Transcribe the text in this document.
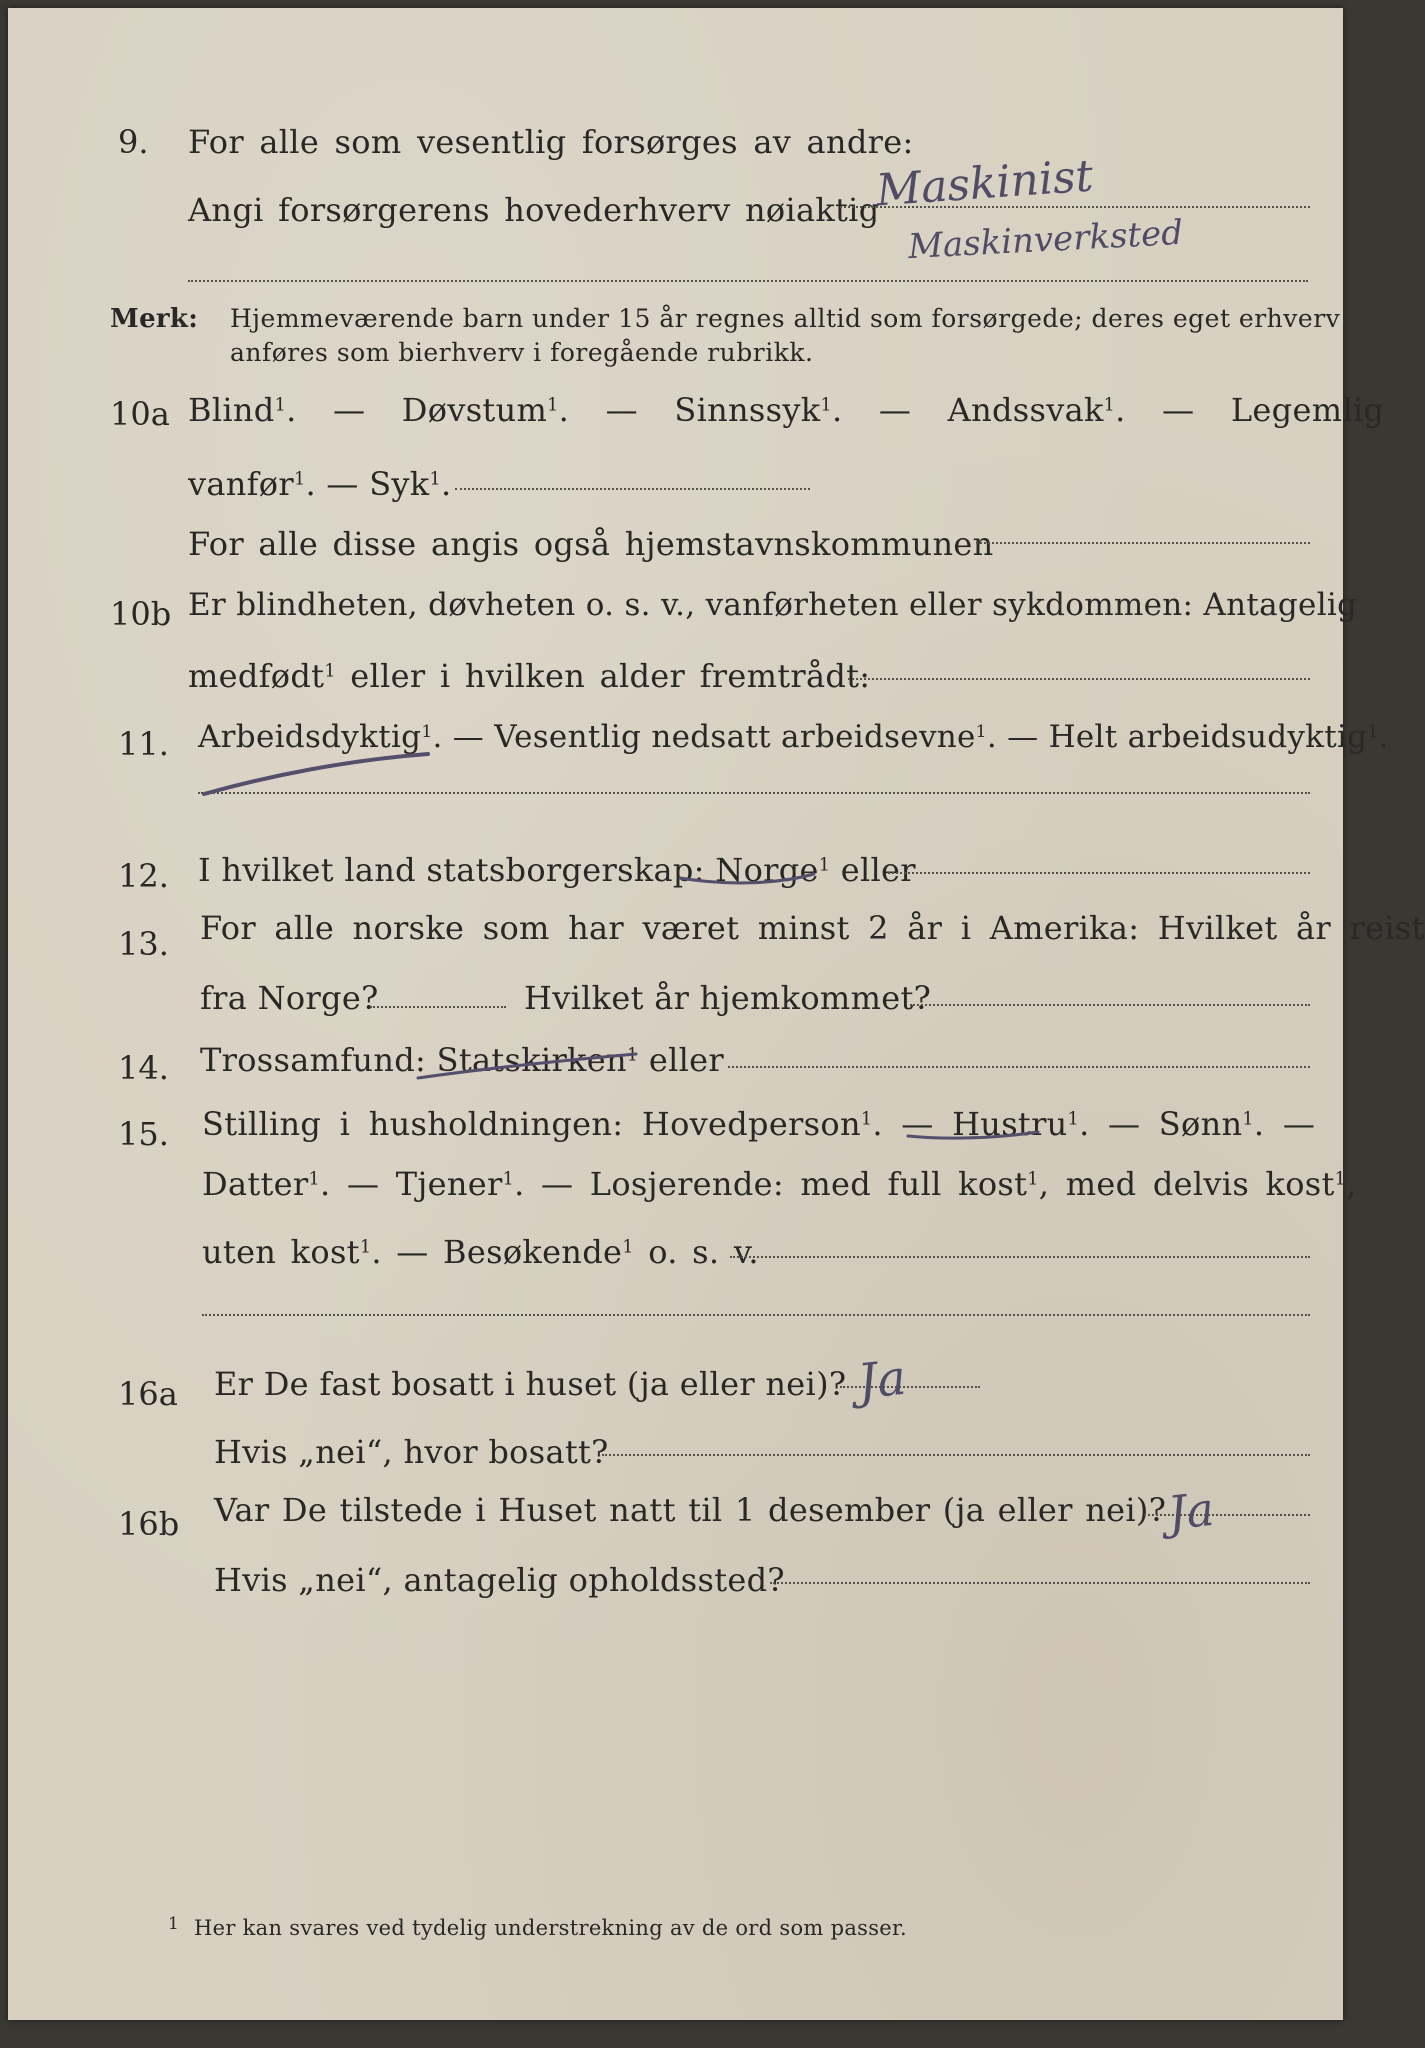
9. For alle som vesentlig forsørges av andre:
Angi forsørgerens hovederhverv nøiaktig
Maskinist
Maskinverksted
Merk: Hjemmeværende barn under 15 år regnes alltid som forsørgede; deres eget erhverv
anføres som bierhverv i foregående rubrikk.
10a Blind$^1$. — Døvstum$^1$. — Sinnssyk$^1$. — Andssvak$^1$. — Legemlig
vanfør$^1$. — Syk$^1$.
For alle disse angis også hjemstavnskommunen
10b Er blindheten, døvheten o. s. v., vanførheten eller sykdommen: Antagelig
medfødt$^1$ eller i hvilken alder fremtrådt:
11. Arbeidsdyktig$^1$. — Vesentlig nedsatt arbeidsevne$^1$. — Helt arbeidsudyktig$^1$.
12. I hvilket land statsborgerskap: Norge$^1$ eller
13. For alle norske som har været minst 2 år i Amerika: Hvilket år reist
fra Norge?	Hvilket år hjemkommet?
14. Trossamfund: Statskirken$^1$ eller
15. Stilling i husholdningen: Hovedperson$^1$. — Hustru$^1$. — Sønn$^1$. —
Datter$^1$. — Tjener$^1$. — Losjerende: med full kost$^1$, med delvis kost$^1$,
uten kost$^1$. — Besøkende$^1$ o. s. v.
16a Er De fast bosatt i huset (ja eller nei)? Ja
Hvis „nei“, hvor bosatt?
16b Var De tilstede i Huset natt til 1 desember (ja eller nei)? Ja
Hvis „nei“, antagelig opholdssted?
1 Her kan svares ved tydelig understrekning av de ord som passer.
